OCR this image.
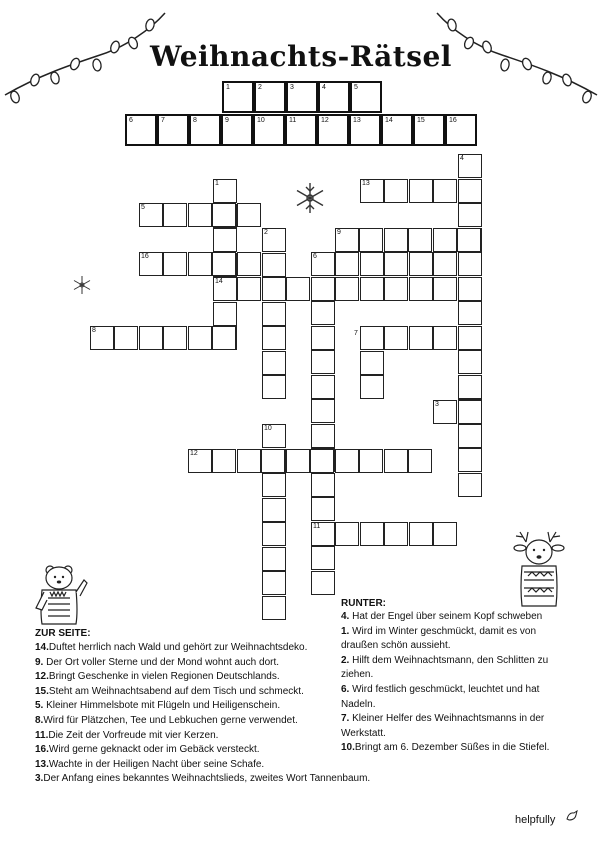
Weihnachts-Rätsel
1	2	3	4	5
6	7	8	9	10	11	12	13	14	15	16
4
13
1
14
5
2	9
16	6
11
7
8
3
10
12
ZUR SEITE:
RUNTER:
14.Duftet herrlich nach Wald und gehört zur Weihnachtsdeko.
9. Der Ort voller Sterne und der Mond wohnt auch dort.
12.Bringt Geschenke in vielen Regionen Deutschlands.
15.Steht am Weihnachtsabend auf dem Tisch und schmeckt.
5. Kleiner Himmelsbote mit Flügeln und Heiligenschein.
8.Wird für Plätzchen, Tee und Lebkuchen gerne verwendet.
11.Die Zeit der Vorfreude mit vier Kerzen.
16.Wird gerne geknackt oder im Gebäck versteckt.
13.Wachte in der Heiligen Nacht über seine Schafe.
3.Der Anfang eines bekanntes Weihnachtslieds, zweites Wort Tannenbaum.
4. Hat der Engel über seinem Kopf schweben
1. Wird im Winter geschmückt, damit es von
draußen schön aussieht.
2. Hilft dem Weihnachtsmann, den Schlitten zu
ziehen.
6. Wird festlich geschmückt, leuchtet und hat
Nadeln.
7. Kleiner Helfer des Weihnachtsmanns in der
Werkstatt.
10.Bringt am 6. Dezember Süßes in die Stiefel.
helpfully
